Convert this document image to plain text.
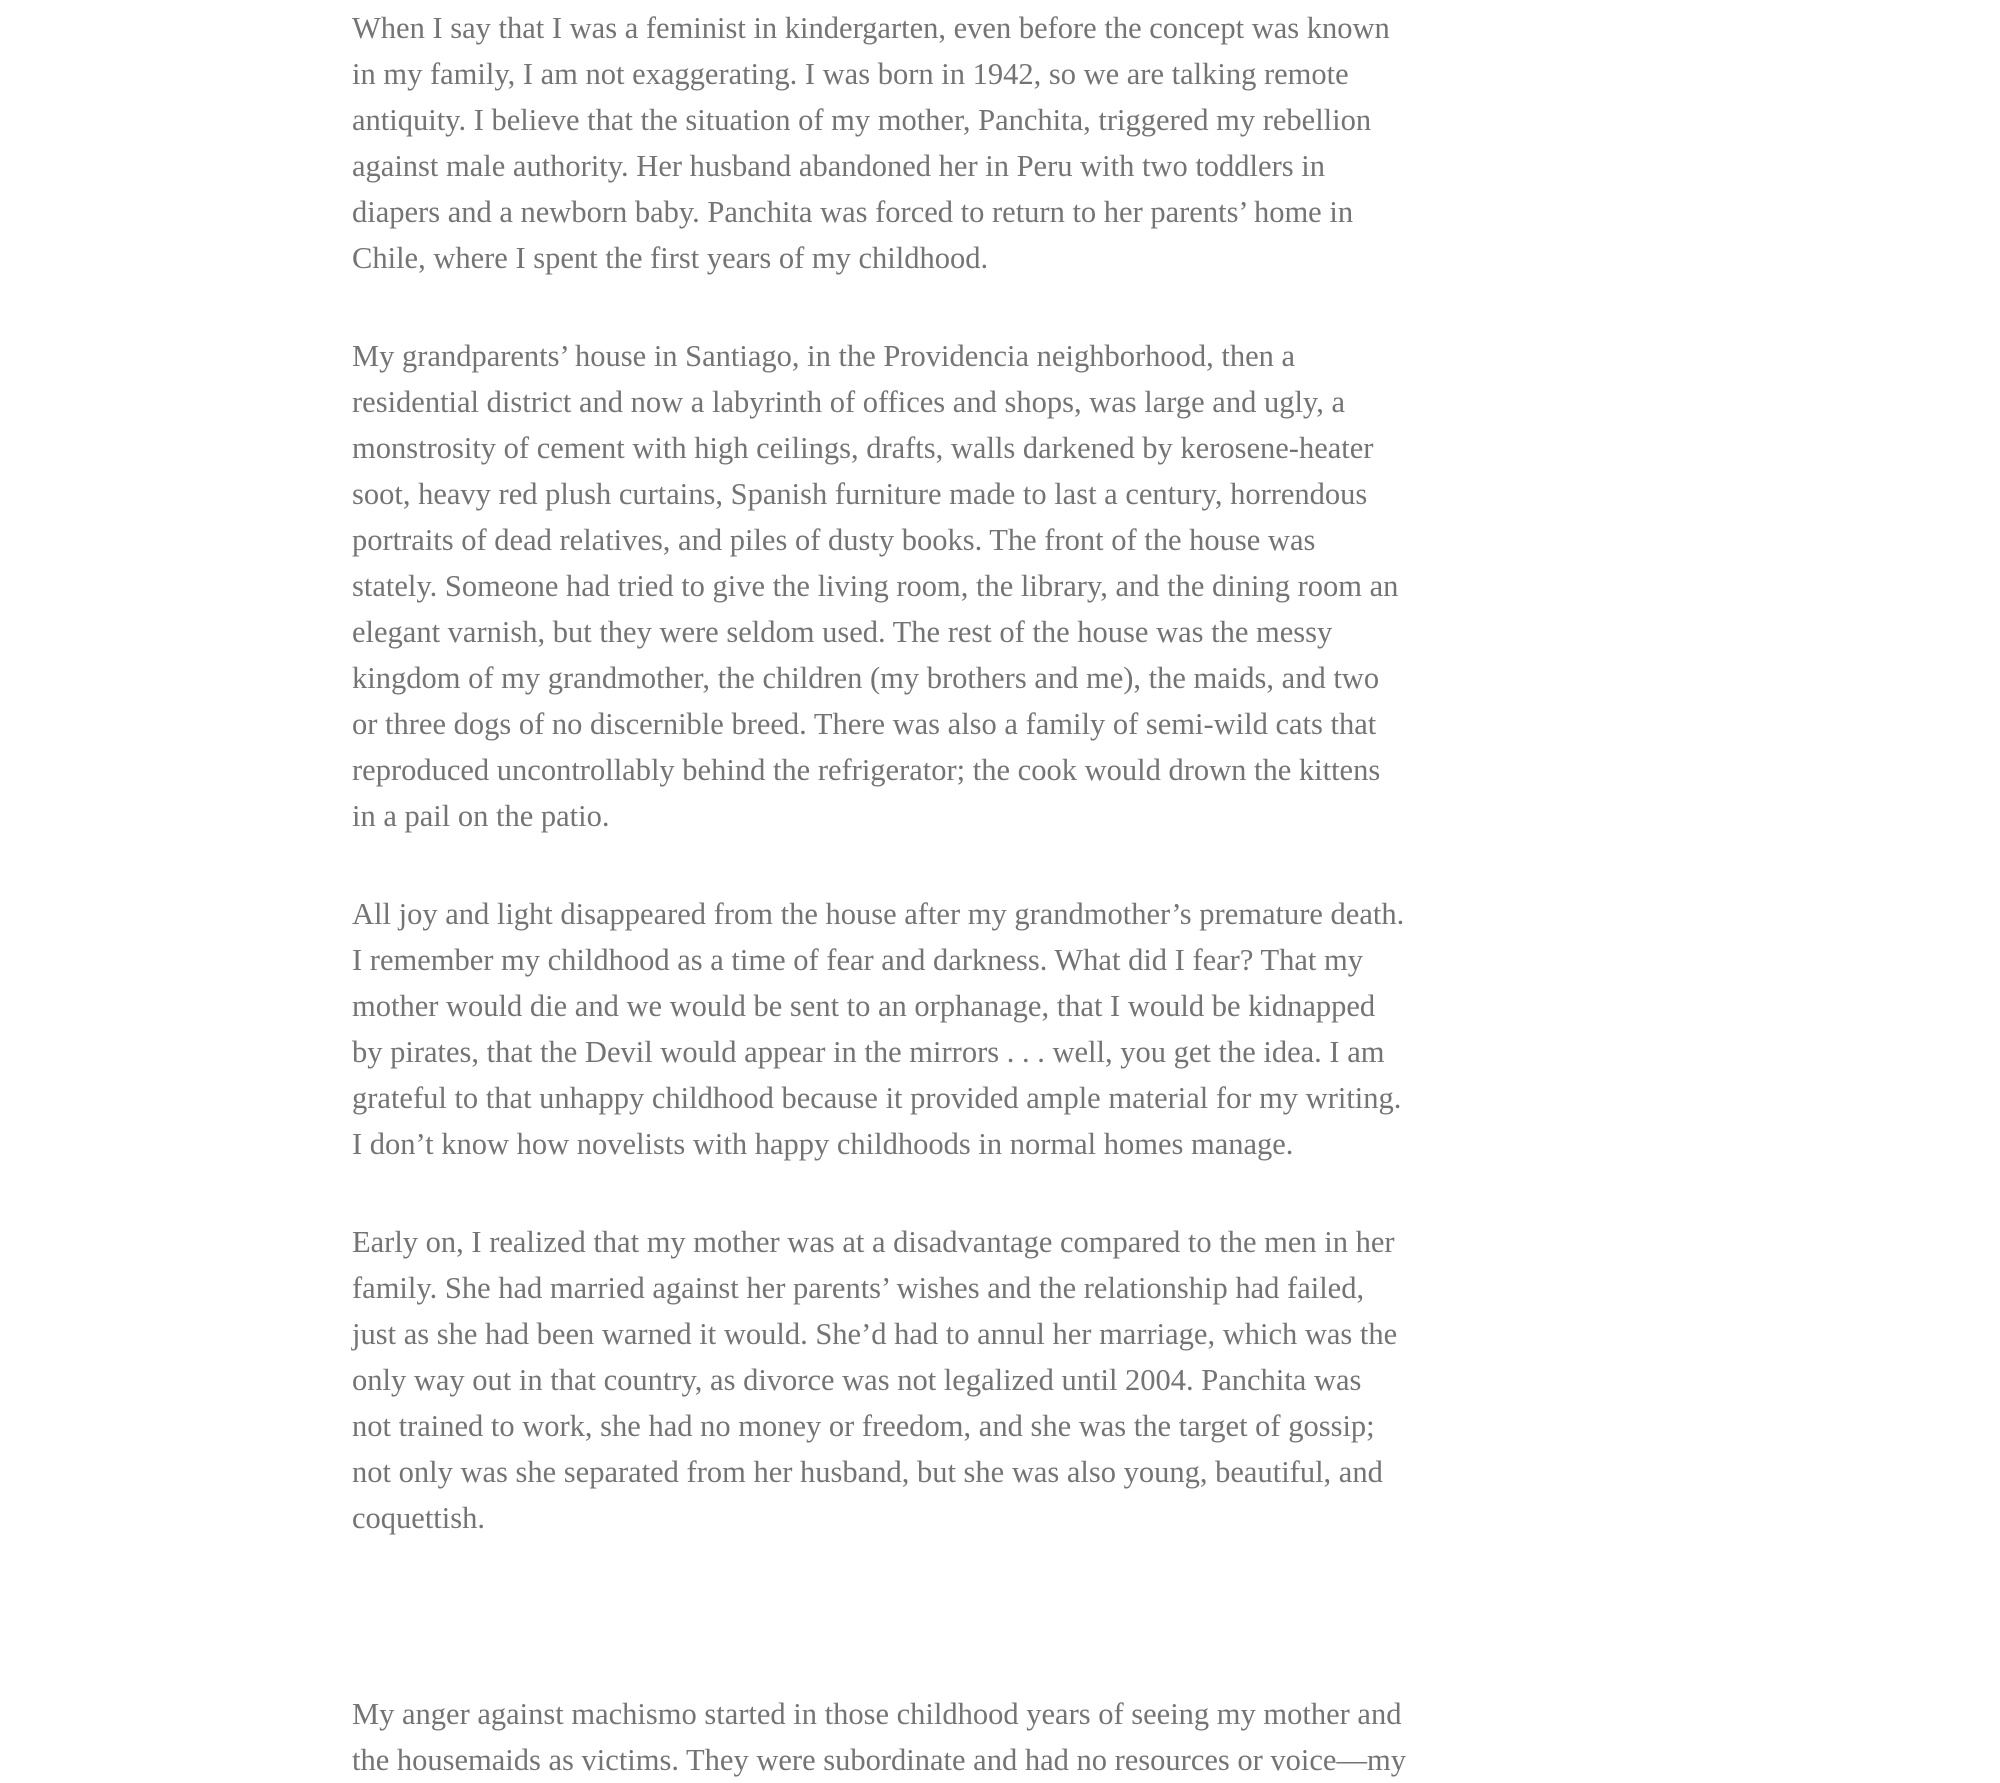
When I say that I was a feminist in kindergarten, even before the concept was known
in my family, I am not exaggerating. I was born in 1942, so we are talking remote
antiquity. I believe that the situation of my mother, Panchita, triggered my rebellion
against male authority. Her husband abandoned her in Peru with two toddlers in
diapers and a newborn baby. Panchita was forced to return to her parents’ home in
Chile, where I spent the first years of my childhood.

My grandparents’ house in Santiago, in the Providencia neighborhood, then a
residential district and now a labyrinth of offices and shops, was large and ugly, a
monstrosity of cement with high ceilings, drafts, walls darkened by kerosene-heater
soot, heavy red plush curtains, Spanish furniture made to last a century, horrendous
portraits of dead relatives, and piles of dusty books. The front of the house was
stately. Someone had tried to give the living room, the library, and the dining room an
elegant varnish, but they were seldom used. The rest of the house was the messy
kingdom of my grandmother, the children (my brothers and me), the maids, and two
or three dogs of no discernible breed. There was also a family of semi-wild cats that
reproduced uncontrollably behind the refrigerator; the cook would drown the kittens
in a pail on the patio.

All joy and light disappeared from the house after my grandmother’s premature death.
I remember my childhood as a time of fear and darkness. What did I fear? That my
mother would die and we would be sent to an orphanage, that I would be kidnapped
by pirates, that the Devil would appear in the mirrors . . . well, you get the idea. I am
grateful to that unhappy childhood because it provided ample material for my writing.
I don’t know how novelists with happy childhoods in normal homes manage.

Early on, I realized that my mother was at a disadvantage compared to the men in her
family. She had married against her parents’ wishes and the relationship had failed,
just as she had been warned it would. She’d had to annul her marriage, which was the
only way out in that country, as divorce was not legalized until 2004. Panchita was
not trained to work, she had no money or freedom, and she was the target of gossip;
not only was she separated from her husband, but she was also young, beautiful, and
coquettish.

My anger against machismo started in those childhood years of seeing my mother and
the housemaids as victims. They were subordinate and had no resources or voice—my
